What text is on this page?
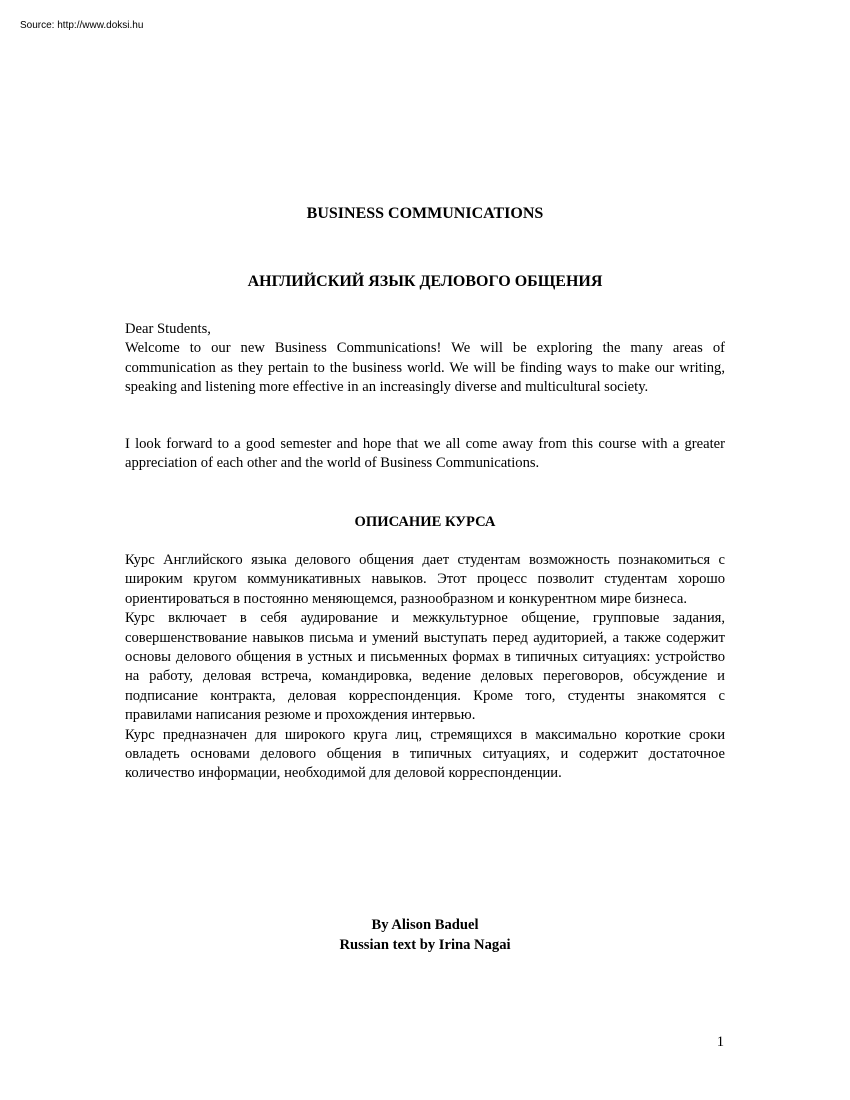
Source: http://www.doksi.hu
BUSINESS COMMUNICATIONS
АНГЛИЙСКИЙ ЯЗЫК ДЕЛОВОГО ОБЩЕНИЯ

Dear Students,

Welcome to our new Business Communications! We will be exploring the many areas of communication as they pertain to the business world. We will be finding ways to make our writing, speaking and listening more effective in an increasingly diverse and multicultural society.

I look forward to a good semester and hope that we all come away from this course with a greater appreciation of each other and the world of Business Communications.

ОПИСАНИЕ КУРСА

Курс Английского языка делового общения дает студентам возможность познакомиться с широким кругом коммуникативных навыков. Этот процесс позволит студентам хорошо ориентироваться в постоянно меняющемся, разнообразном и конкурентном мире бизнеса.

Курс включает в себя аудирование и межкультурное общение, групповые задания, совершенствование навыков письма и умений выступать перед аудиторией, а также содержит основы делового общения в устных и письменных формах в типичных ситуациях: устройство на работу, деловая встреча, командировка, ведение деловых переговоров, обсуждение и подписание контракта, деловая корреспонденция. Кроме того, студенты знакомятся с правилами написания резюме и прохождения интервью.

Курс предназначен для широкого круга лиц, стремящихся в максимально короткие сроки овладеть основами делового общения в типичных ситуациях, и содержит достаточное количество информации, необходимой для деловой корреспонденции.

By Alison Baduel
Russian text by Irina Nagai
1
